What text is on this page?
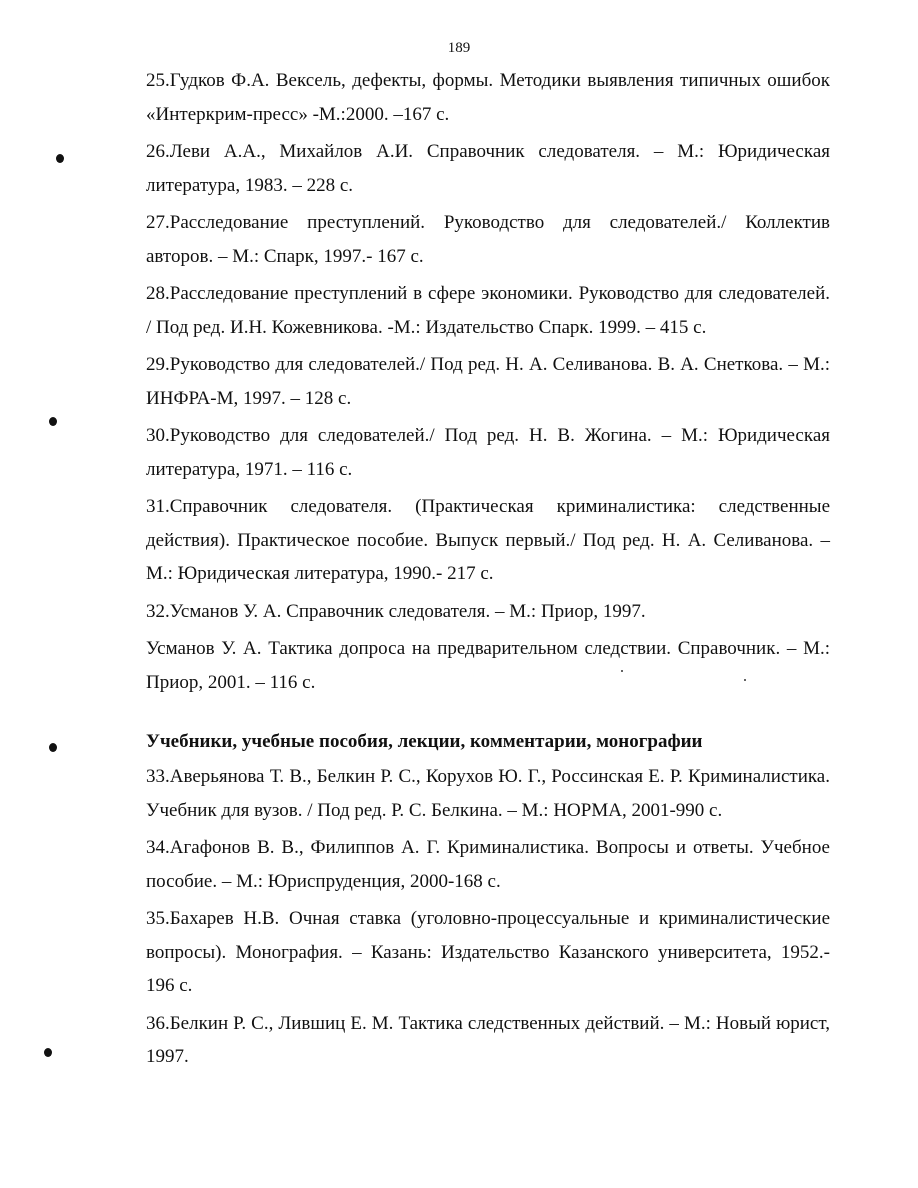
189

25.Гудков Ф.А. Вексель, дефекты, формы. Методики выявления типичных ошибок «Интеркрим-пресс» -М.:2000. –167 с.

26.Леви А.А., Михайлов А.И. Справочник следователя. – М.: Юридическая литература, 1983. – 228 с.

27.Расследование преступлений. Руководство для следователей./ Коллектив авторов. – М.: Спарк, 1997.- 167 с.

28.Расследование преступлений в сфере экономики. Руководство для следователей. / Под ред. И.Н. Кожевникова. -М.: Издательство Спарк. 1999. – 415 с.

29.Руководство для следователей./ Под ред. Н. А. Селиванова. В. А. Снеткова. – М.: ИНФРА-М, 1997. – 128 с.

30.Руководство для следователей./ Под ред. Н. В. Жогина. – М.: Юридическая литература, 1971. – 116 с.

31.Справочник следователя. (Практическая криминалистика: следственные действия). Практическое пособие. Выпуск первый./ Под ред. Н. А. Селиванова. – М.: Юридическая литература, 1990.- 217 с.

32.Усманов У. А. Справочник следователя. – М.: Приор, 1997.

Усманов У. А. Тактика допроса на предварительном следствии. Справочник. – М.: Приор, 2001. – 116 с.

Учебники, учебные пособия, лекции, комментарии, монографии

33.Аверьянова Т. В., Белкин Р. С., Корухов Ю. Г., Россинская Е. Р. Криминалистика. Учебник для вузов. / Под ред. Р. С. Белкина. – М.: НОРМА, 2001-990 с.

34.Агафонов В. В., Филиппов А. Г. Криминалистика. Вопросы и ответы. Учебное пособие. – М.: Юриспруденция, 2000-168 с.

35.Бахарев Н.В. Очная ставка (уголовно-процессуальные и криминалистические вопросы). Монография. – Казань: Издательство Казанского университета, 1952.- 196 с.

36.Белкин Р. С., Лившиц Е. М. Тактика следственных действий. – М.: Новый юрист, 1997.
